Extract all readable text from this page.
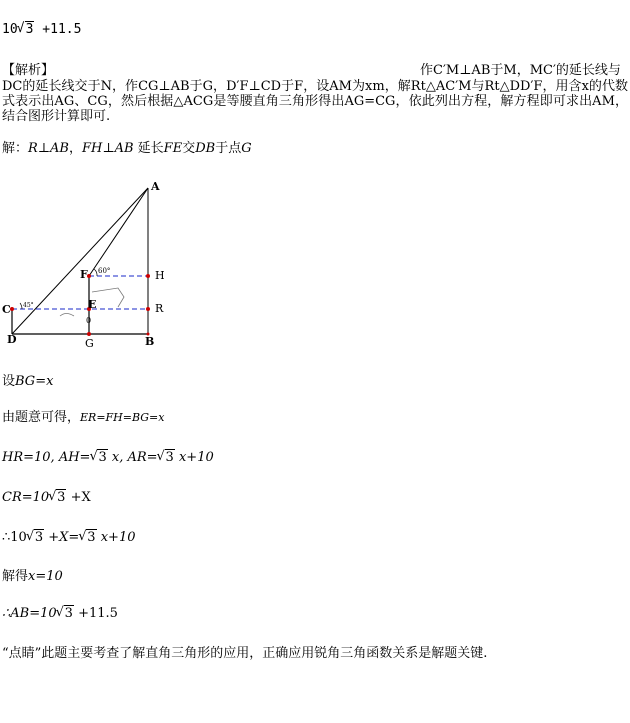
10 √ 3 +11.5
【解析】	作C′M⊥AB于M，MC′的延长线与
DC的延长线交于N，作CG⊥AB于G，D′F⊥CD于F，设AM为xm，解Rt△AC′M与Rt△DD′F，用含x的代数式表示出AG、CG，然后根据△ACG是等腰直角三角形得出AG=CG，依此列出方程，解方程即可求出AM，结合图形计算即可.
解：R⊥AB，FH⊥AB 延长FE交DB于点G
A
B
C
D
E
F
G
H
R
0
60°
45°
设BG=x
由题意可得，ER=FH=BG=x
HR=10, AH= √ 3 x, AR= √ 3 x+10
CR=10 √ 3 +X
∴10 √ 3 +X= √ 3 x+10
解得x=10
∴AB=10 √ 3 +11.5
“点睛”此题主要考查了解直角三角形的应用，正确应用锐角三角函数关系是解题关键.
